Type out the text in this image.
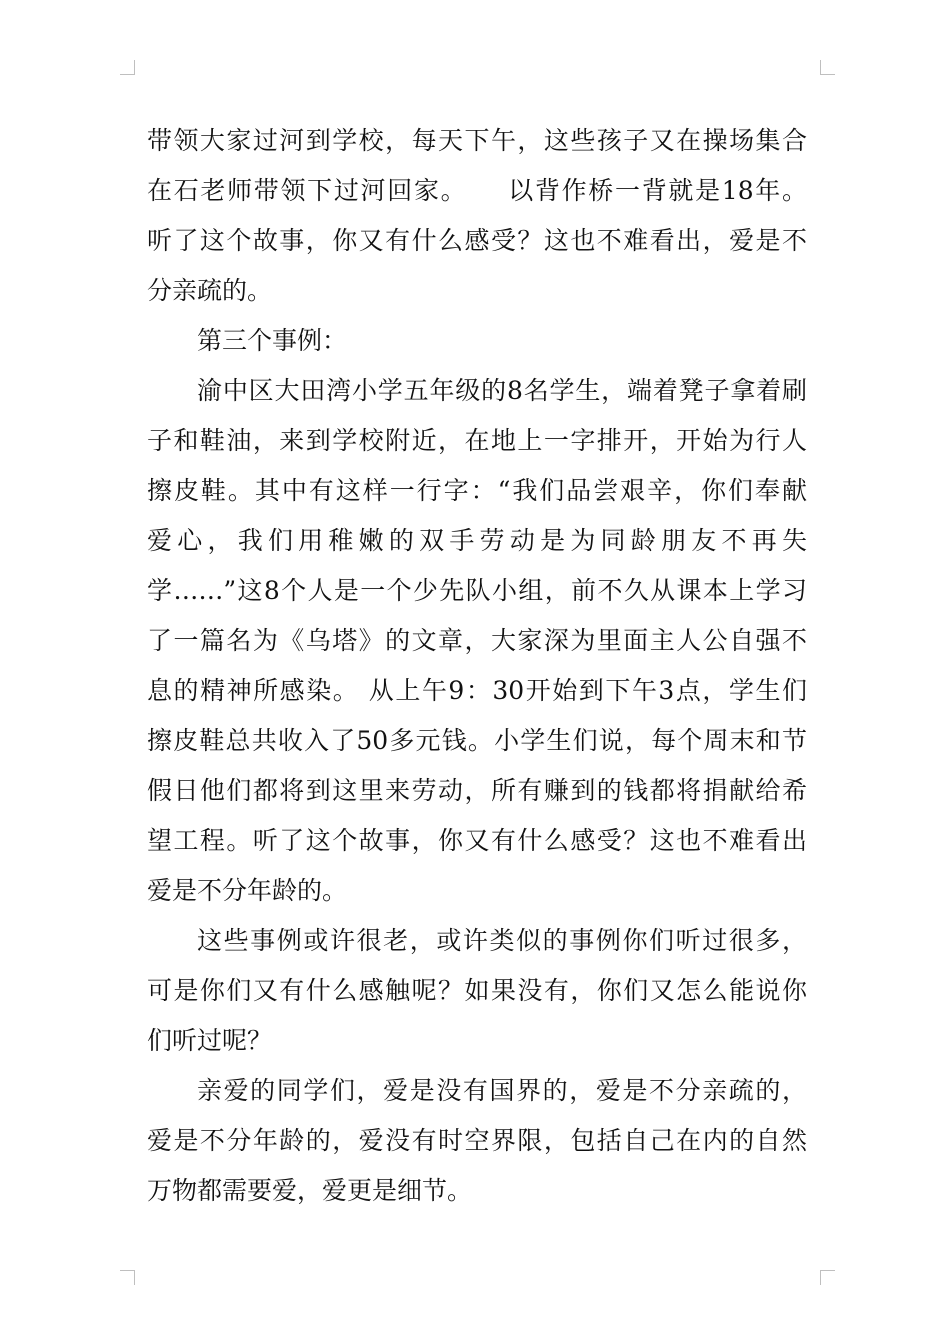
带领大家过河到学校，每天下午，这些孩子又在操场集合
在石老师带领下过河回家。　　以背作桥一背就是18年。
听了这个故事，你又有什么感受？这也不难看出，爱是不
分亲疏的。
第三个事例：
渝中区大田湾小学五年级的8名学生，端着凳子拿着刷
子和鞋油，来到学校附近，在地上一字排开，开始为行人
擦皮鞋。其中有这样一行字：“我们品尝艰辛，你们奉献
爱心，我们用稚嫩的双手劳动是为同龄朋友不再失
学……”这8个人是一个少先队小组，前不久从课本上学习
了一篇名为《乌塔》的文章，大家深为里面主人公自强不
息的精神所感染。 从上午9：30开始到下午3点，学生们
擦皮鞋总共收入了50多元钱。小学生们说，每个周末和节
假日他们都将到这里来劳动，所有赚到的钱都将捐献给希
望工程。听了这个故事，你又有什么感受？这也不难看出
爱是不分年龄的。
这些事例或许很老，或许类似的事例你们听过很多，
可是你们又有什么感触呢？如果没有，你们又怎么能说你
们听过呢？
亲爱的同学们，爱是没有国界的，爱是不分亲疏的，
爱是不分年龄的，爱没有时空界限，包括自己在内的自然
万物都需要爱，爱更是细节。
